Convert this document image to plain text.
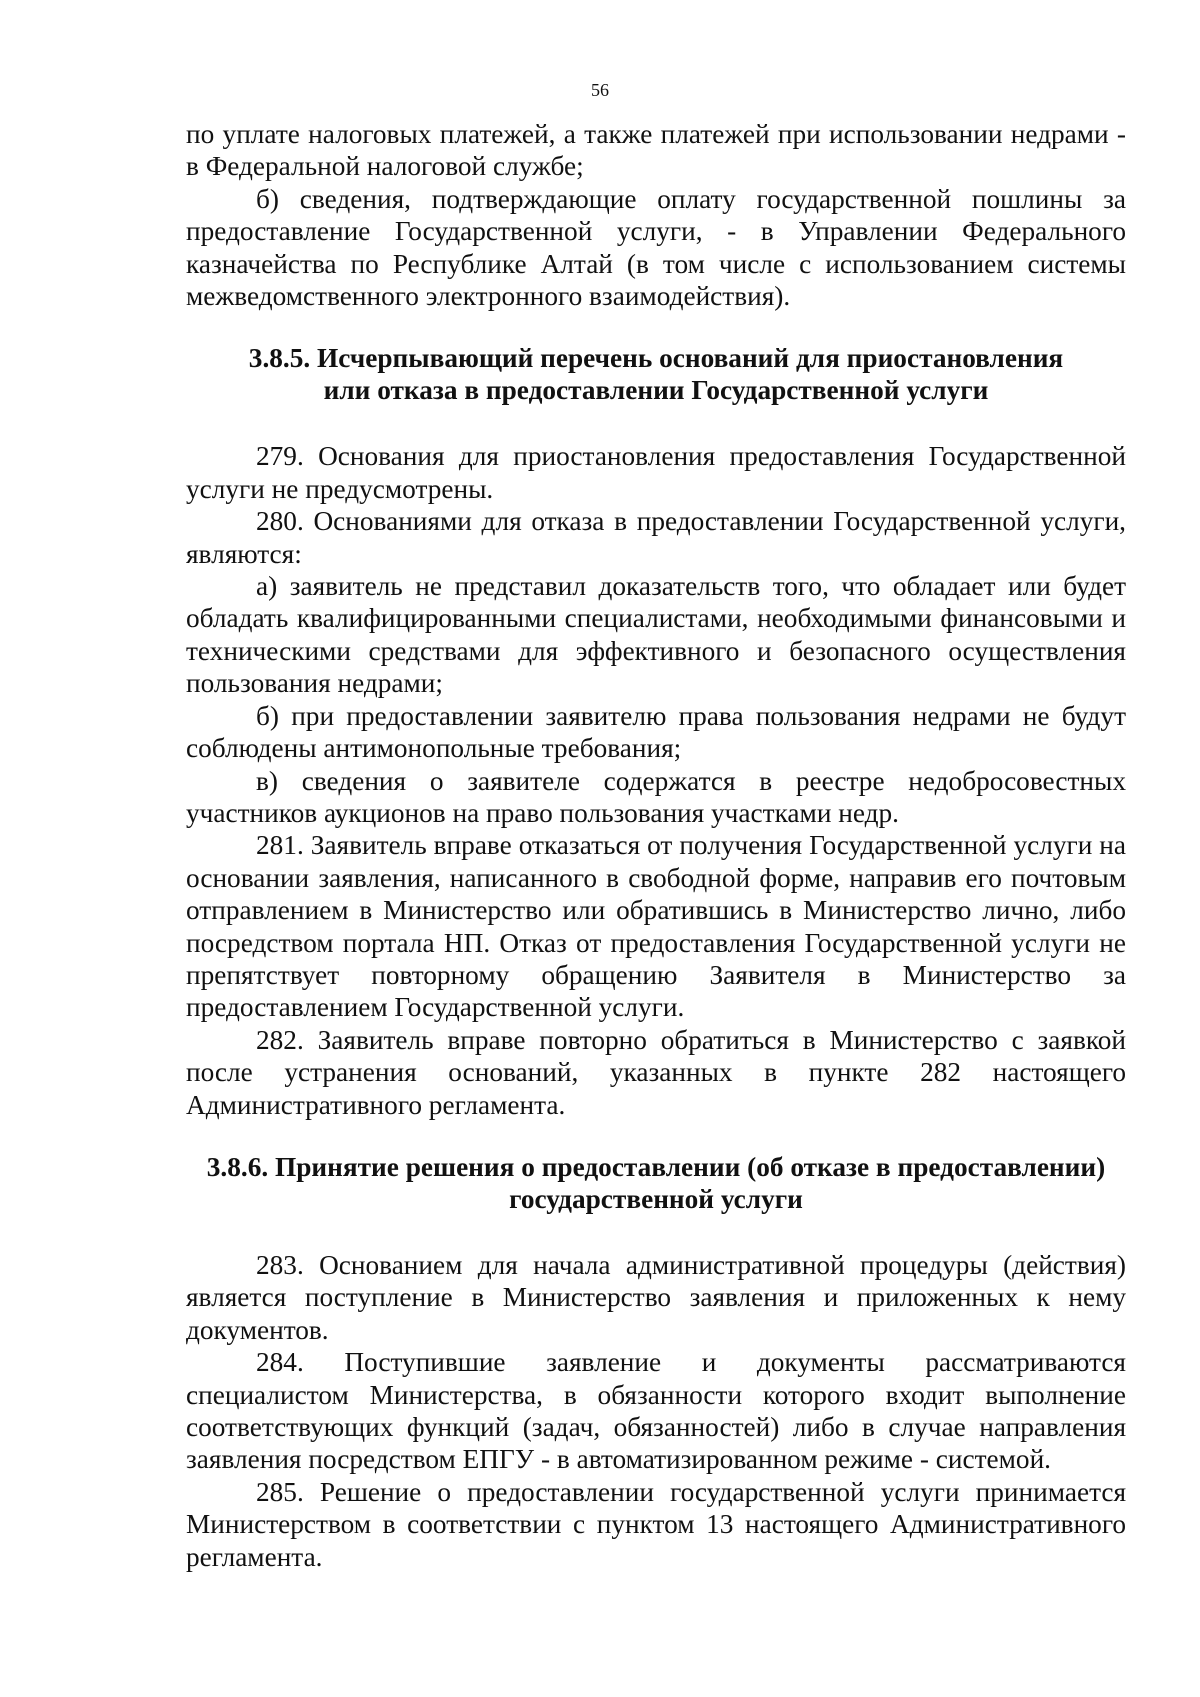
56

по уплате налоговых платежей, а также платежей при использовании недрами - в Федеральной налоговой службе;

б) сведения, подтверждающие оплату государственной пошлины за предоставление Государственной услуги, - в Управлении Федерального казначейства по Республике Алтай (в том числе с использованием системы межведомственного электронного взаимодействия).

3.8.5. Исчерпывающий перечень оснований для приостановления
или отказа в предоставлении Государственной услуги

279. Основания для приостановления предоставления Государственной услуги не предусмотрены.

280. Основаниями для отказа в предоставлении Государственной услуги, являются:

а) заявитель не представил доказательств того, что обладает или будет обладать квалифицированными специалистами, необходимыми финансовыми и техническими средствами для эффективного и безопасного осуществления пользования недрами;

б) при предоставлении заявителю права пользования недрами не будут соблюдены антимонопольные требования;

в) сведения о заявителе содержатся в реестре недобросовестных участников аукционов на право пользования участками недр.

281. Заявитель вправе отказаться от получения Государственной услуги на основании заявления, написанного в свободной форме, направив его почтовым отправлением в Министерство или обратившись в Министерство лично, либо посредством портала НП. Отказ от предоставления Государственной услуги не препятствует повторному обращению Заявителя в Министерство за предоставлением Государственной услуги.

282. Заявитель вправе повторно обратиться в Министерство с заявкой после устранения оснований, указанных в пункте 282 настоящего Административного регламента.

3.8.6. Принятие решения о предоставлении (об отказе в предоставлении)
государственной услуги

283. Основанием для начала административной процедуры (действия) является поступление в Министерство заявления и приложенных к нему документов.

284. Поступившие заявление и документы рассматриваются специалистом Министерства, в обязанности которого входит выполнение соответствующих функций (задач, обязанностей) либо в случае направления заявления посредством ЕПГУ - в автоматизированном режиме - системой.

285. Решение о предоставлении государственной услуги принимается Министерством в соответствии с пунктом 13 настоящего Административного регламента.
